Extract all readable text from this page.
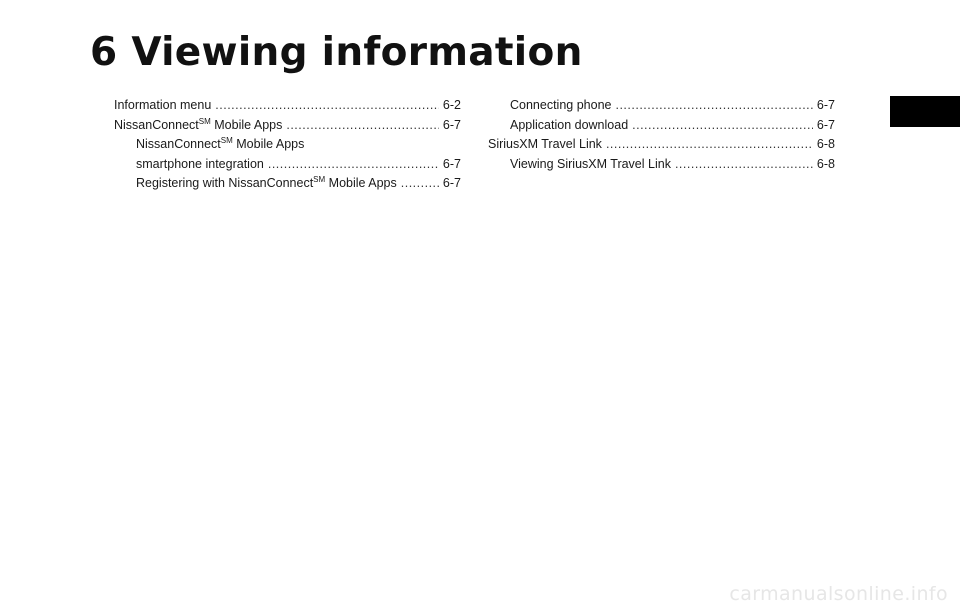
6 Viewing information
Information menu .....	6-2
NissanConnect℠ Mobile Apps .....	6-7
NissanConnect℠ Mobile Apps
smartphone integration .....	6-7
Registering with NissanConnect℠ Mobile Apps .....	6-7
Connecting phone .....	6-7
Application download .....	6-7
SiriusXM Travel Link .....	6-8
Viewing SiriusXM Travel Link .....	6-8
carmanualsonline.info
